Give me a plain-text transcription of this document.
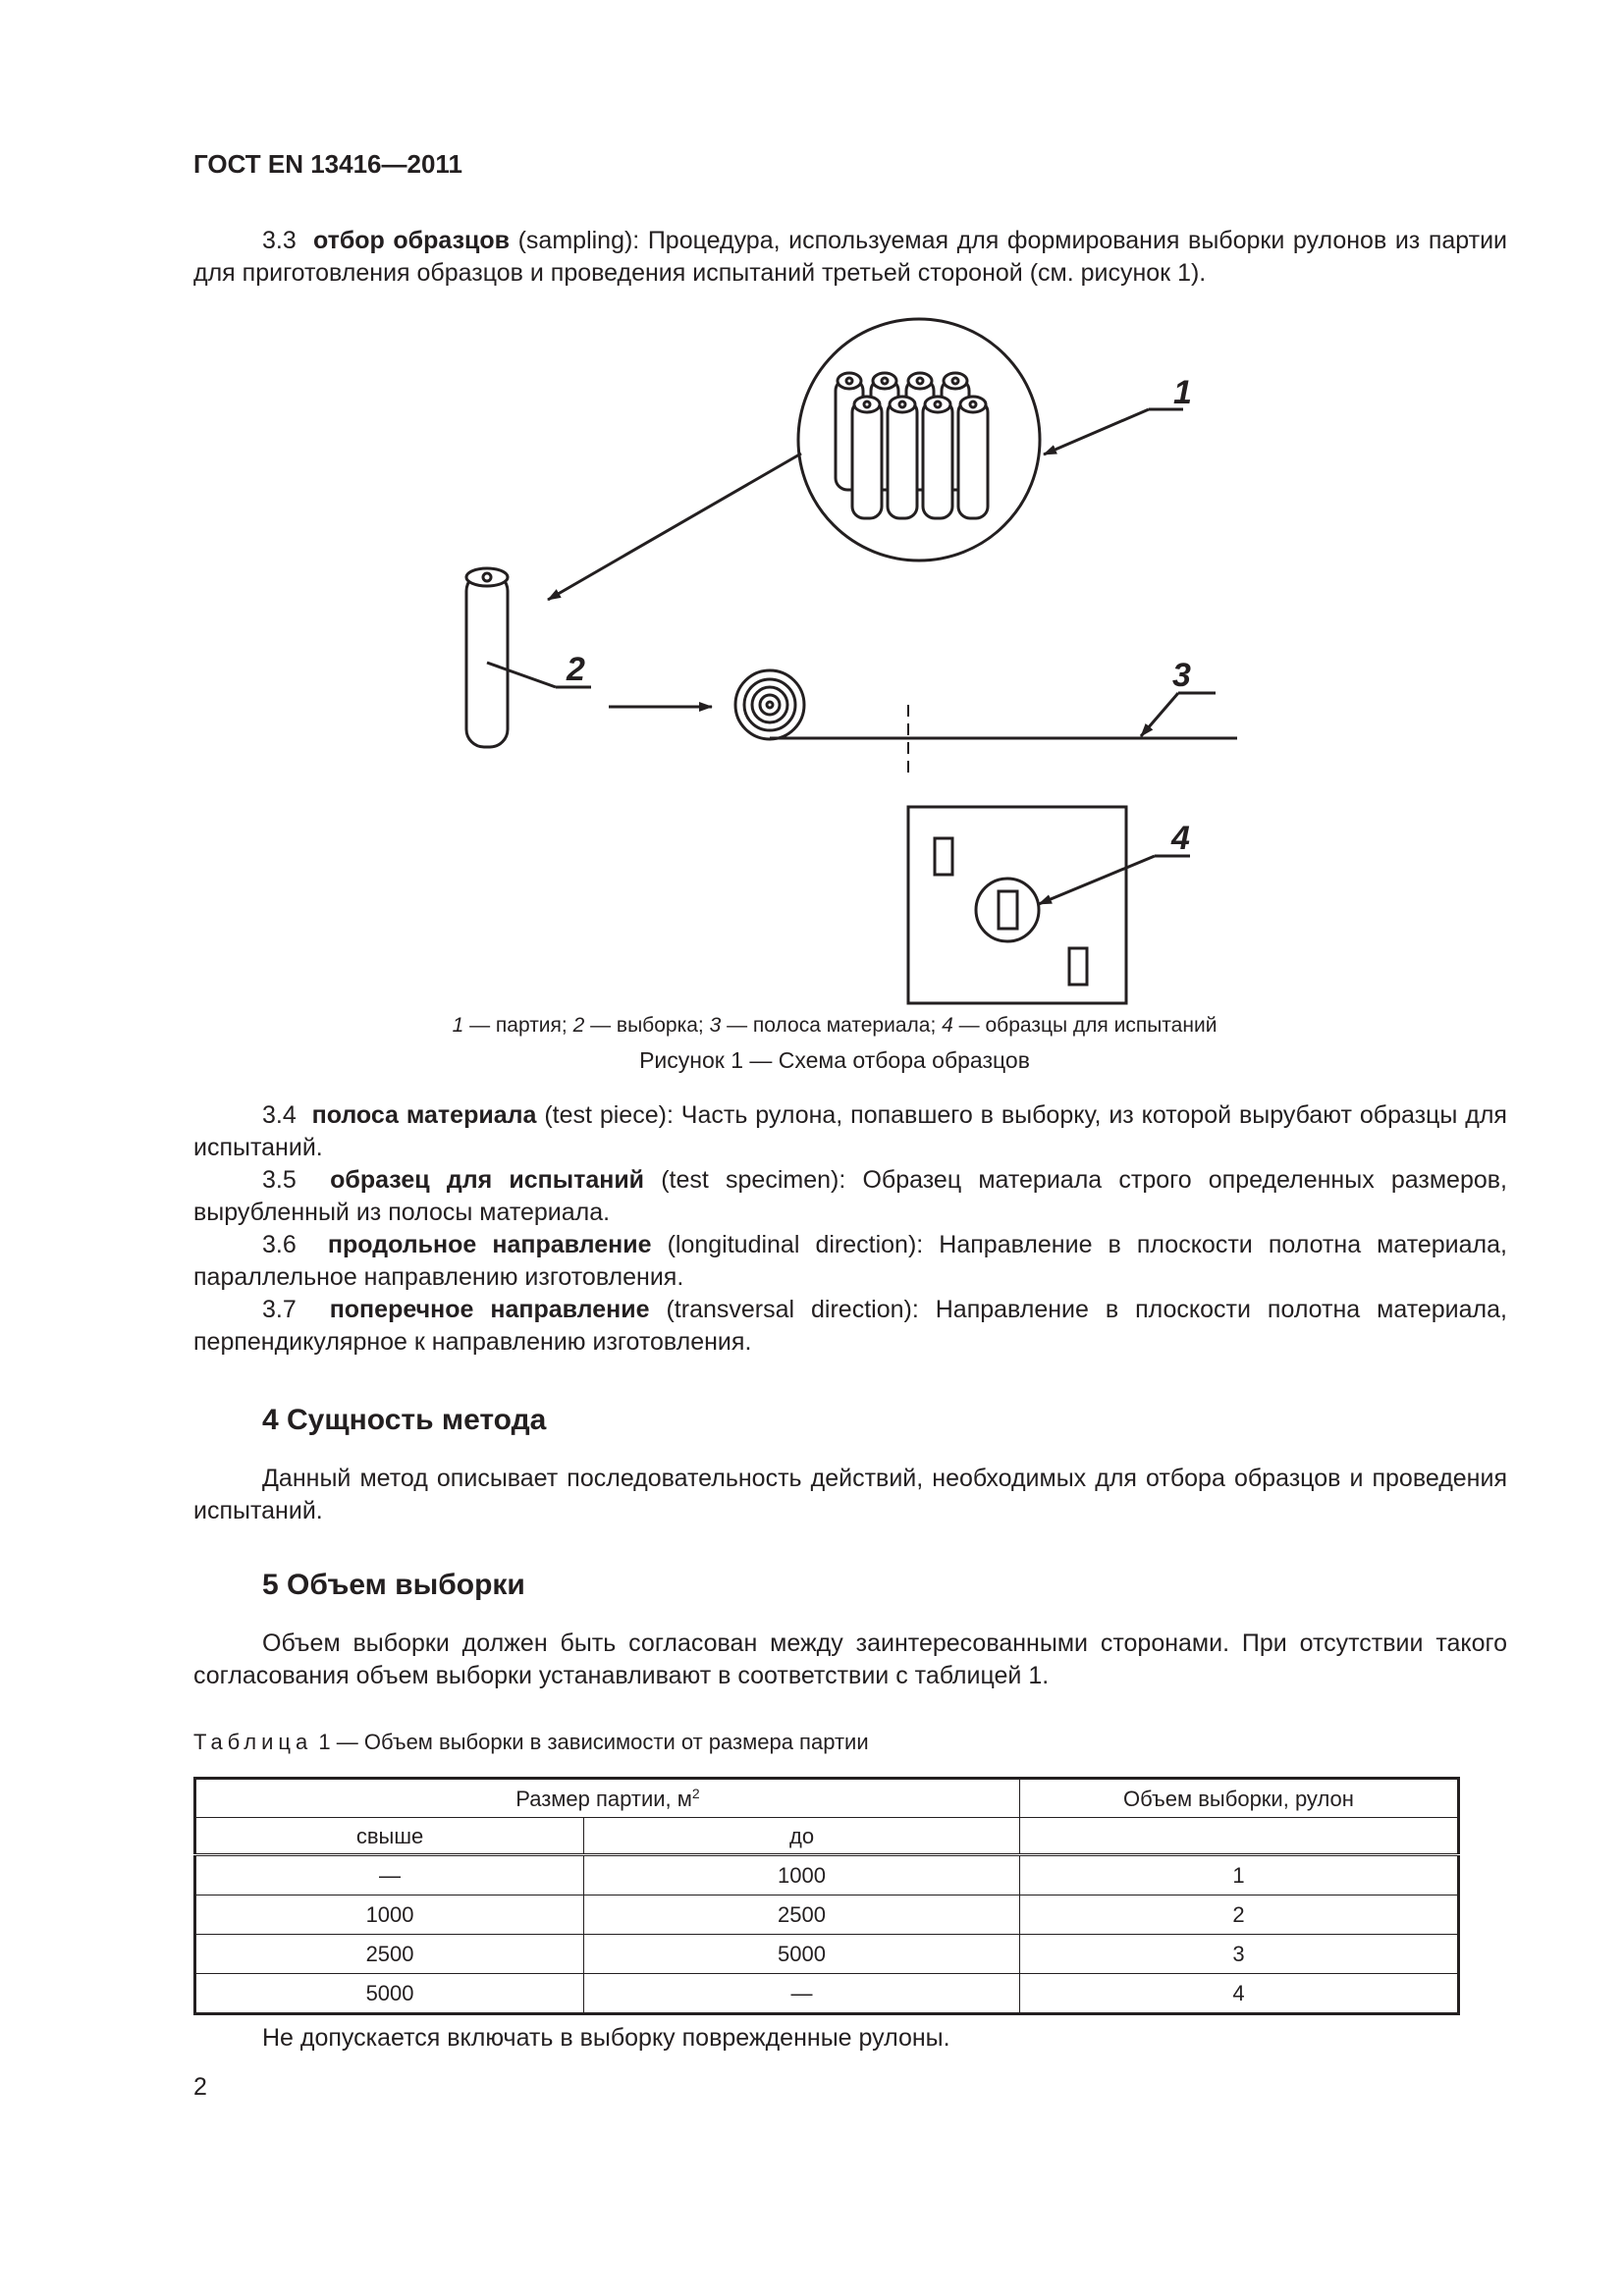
ГОСТ EN 13416—2011

3.3 отбор образцов (sampling): Процедура, используемая для формирования выборки рулонов из партии для приготовления образцов и проведения испытаний третьей стороной (см. рисунок 1).

1
2	3
4
1 — партия; 2 — выборка; 3 — полоса материала; 4 — образцы для испытаний
Рисунок 1 — Схема отбора образцов

3.4 полоса материала (test piece): Часть рулона, попавшего в выборку, из которой вырубают образцы для испытаний.

3.5 образец для испытаний (test specimen): Образец материала строго определенных размеров, вырубленный из полосы материала.

3.6 продольное направление (longitudinal direction): Направление в плоскости полотна материала, параллельное направлению изготовления.

3.7 поперечное направление (transversal direction): Направление в плоскости полотна материала, перпендикулярное к направлению изготовления.

4 Сущность метода

Данный метод описывает последовательность действий, необходимых для отбора образцов и проведения испытаний.

5 Объем выборки

Объем выборки должен быть согласован между заинтересованными сторонами. При отсутствии такого согласования объем выборки устанавливают в соответствии с таблицей 1.

Таблица 1 — Объем выборки в зависимости от размера партии
Размер партии, $м^2$		Объем выборки, рулон
свыше	до	
—	1000	1
1000	2500	2
2500	5000	3
5000	—	4
Не допускается включать в выборку поврежденные рулоны.
2
